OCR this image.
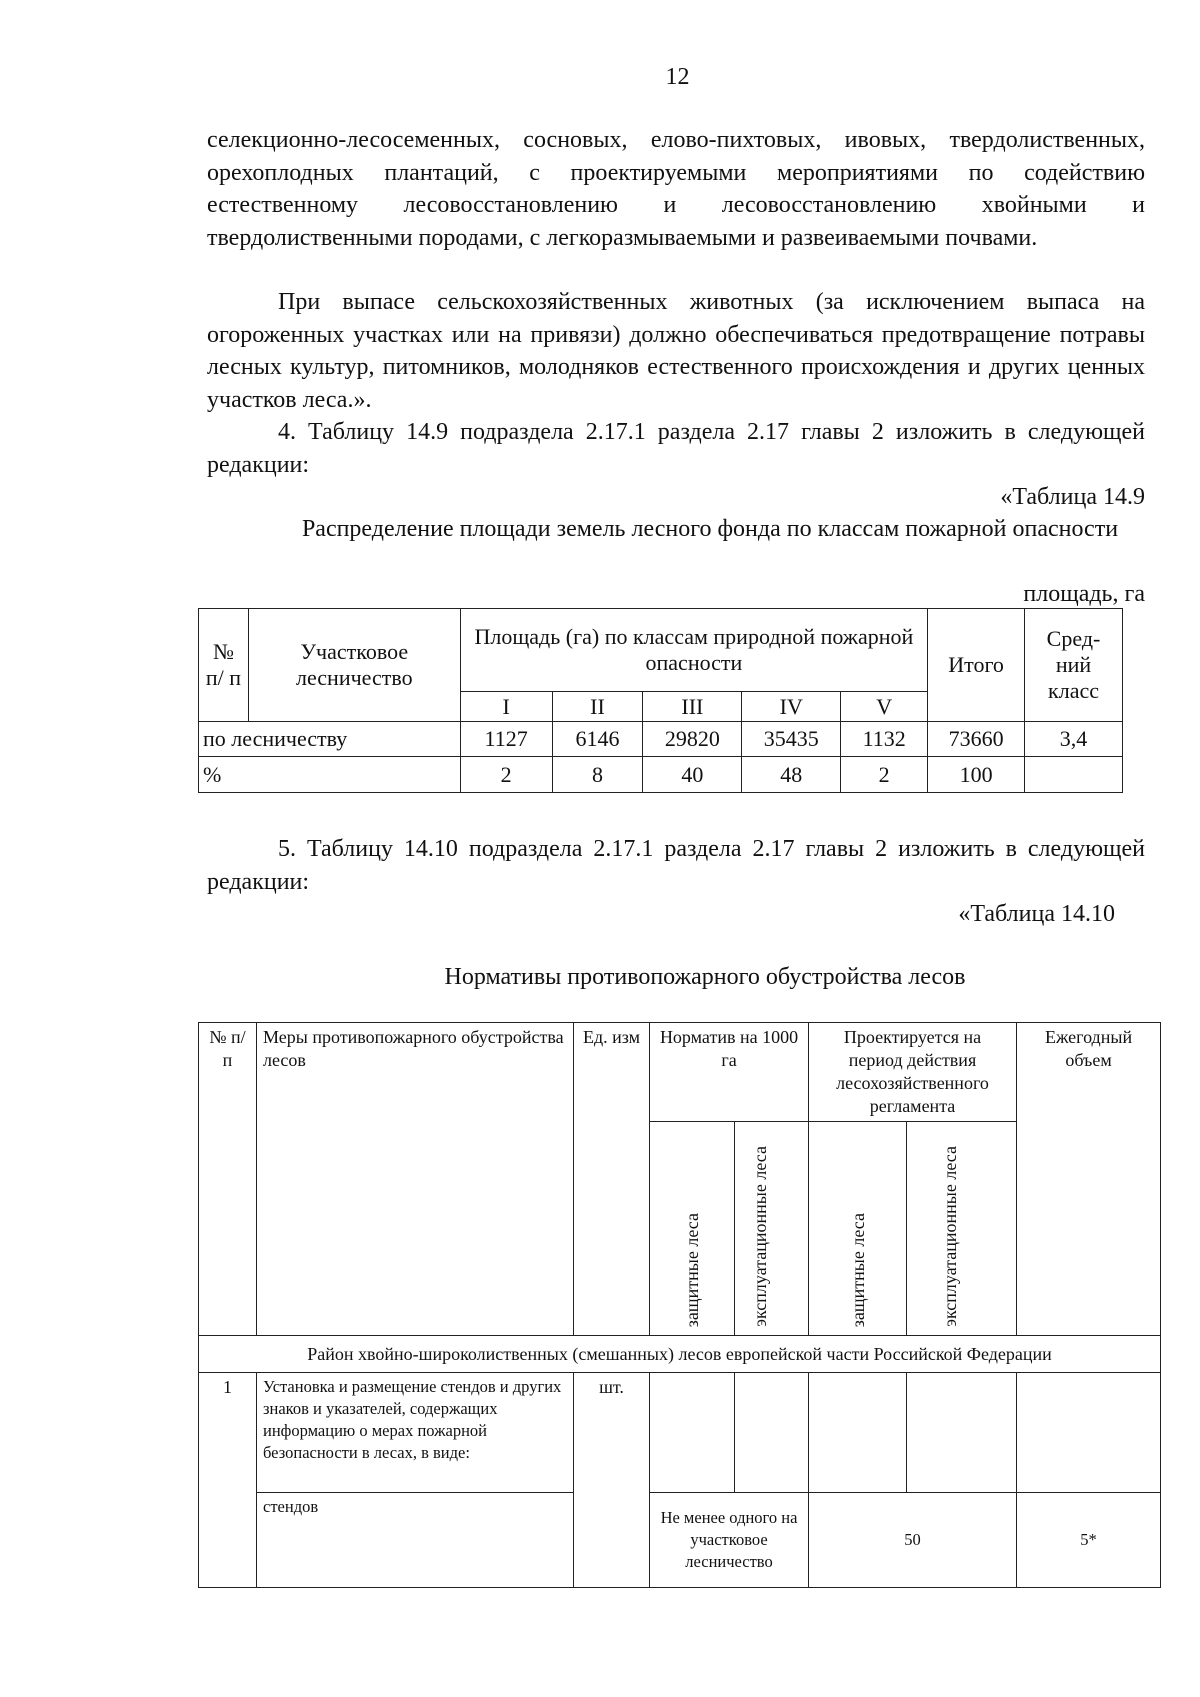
12
селекционно-лесосеменных, сосновых, елово-пихтовых, ивовых, твердолиственных, орехоплодных плантаций, с проектируемыми мероприятиями по содействию естественному лесовосстановлению и лесовосстановлению хвойными и твердолиственными породами, с легкоразмываемыми и развеиваемыми почвами.
При выпасе сельскохозяйственных животных (за исключением выпаса на огороженных участках или на привязи) должно обеспечиваться предотвращение потравы лесных культур, питомников, молодняков естественного происхождения и других ценных участков леса.».
4. Таблицу 14.9 подраздела 2.17.1 раздела 2.17 главы 2 изложить в следующей редакции:
«Таблица 14.9
Распределение площади земель лесного фонда по классам пожарной опасности
площадь, га
№ п/ п	Участковое лесничество	Площадь (га) по классам природной пожарной опасности					Итого	Сред-ний класс
		I	II	III	IV	V		
по лесничеству		1127	6146	29820	35435	1132	73660	3,4
%		2	8	40	48	2	100	
5. Таблицу 14.10 подраздела 2.17.1 раздела 2.17 главы 2 изложить в следующей редакции:
«Таблица 14.10
Нормативы противопожарного обустройства лесов
№ п/п	Меры противопожарного обустройства лесов	Ед. изм	Норматив на 1000 га		Проектируется на период действия лесохозяйственного регламента		Ежегодный объем

			защитные леса	эксплуатационные леса	защитные леса	эксплуатационные леса	

Район хвойно-широколиственных (смешанных) лесов европейской части Российской Федерации							
1	Установка и размещение стендов и других знаков и указателей, содержащих информацию о мерах пожарной безопасности в лесах, в виде:	шт.					
	стендов		Не менее одного на участковое лесничество		50		5*
